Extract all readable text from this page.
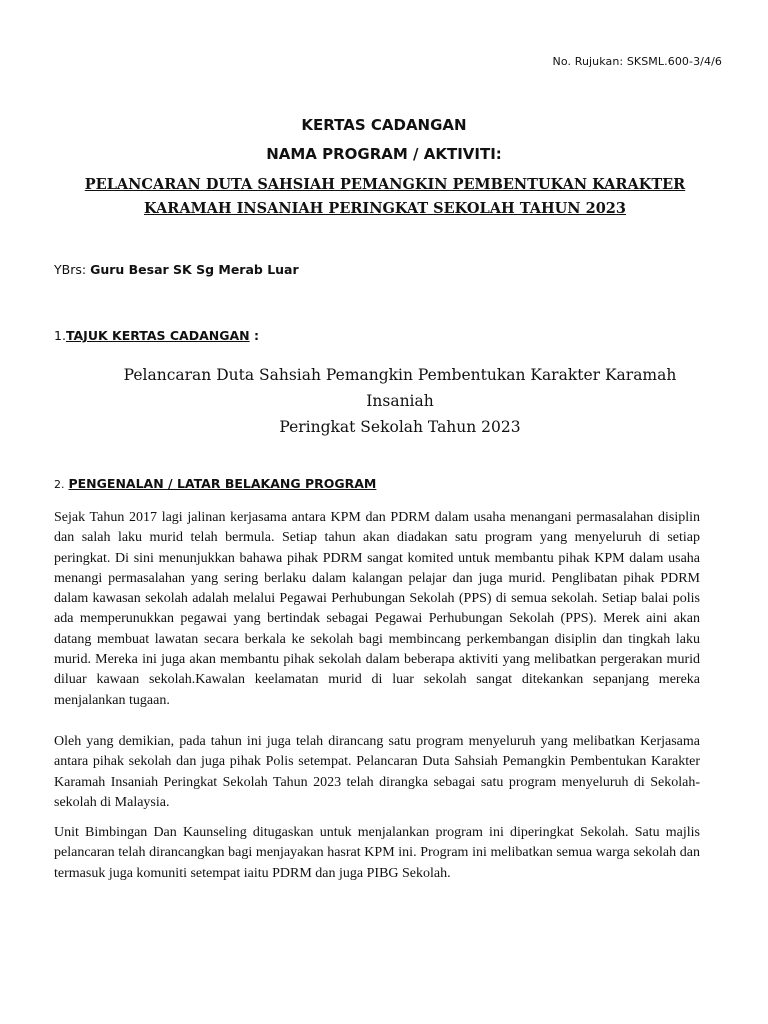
No. Rujukan: SKSML.600-3/4/6
KERTAS CADANGAN
NAMA PROGRAM / AKTIVITI:
PELANCARAN DUTA SAHSIAH PEMANGKIN PEMBENTUKAN KARAKTER
KARAMAH INSANIAH PERINGKAT SEKOLAH TAHUN 2023
YBrs: Guru Besar SK Sg Merab Luar
1.TAJUK KERTAS CADANGAN :
Pelancaran Duta Sahsiah Pemangkin Pembentukan Karakter Karamah Insaniah
Peringkat Sekolah Tahun 2023
2. PENGENALAN / LATAR BELAKANG PROGRAM

Sejak Tahun 2017 lagi jalinan kerjasama antara KPM dan PDRM dalam usaha menangani permasalahan disiplin dan salah laku murid telah bermula. Setiap tahun akan diadakan satu program yang menyeluruh di setiap peringkat. Di sini menunjukkan bahawa pihak PDRM sangat komited untuk membantu pihak KPM dalam usaha menangi permasalahan yang sering berlaku dalam kalangan pelajar dan juga murid. Penglibatan pihak PDRM dalam kawasan sekolah adalah melalui Pegawai Perhubungan Sekolah (PPS) di semua sekolah. Setiap balai polis ada memperunukkan pegawai yang bertindak sebagai Pegawai Perhubungan Sekolah (PPS). Merek aini akan datang membuat lawatan secara berkala ke sekolah bagi membincang perkembangan disiplin dan tingkah laku murid. Mereka ini juga akan membantu pihak sekolah dalam beberapa aktiviti yang melibatkan pergerakan murid diluar kawaan sekolah.Kawalan keelamatan murid di luar sekolah sangat ditekankan sepanjang mereka menjalankan tugaan.

Oleh yang demikian, pada tahun ini juga telah dirancang satu program menyeluruh yang melibatkan Kerjasama antara pihak sekolah dan juga pihak Polis setempat. Pelancaran Duta Sahsiah Pemangkin Pembentukan Karakter Karamah Insaniah Peringkat Sekolah Tahun 2023 telah dirangka sebagai satu program menyeluruh di Sekolah-sekolah di Malaysia.

Unit Bimbingan Dan Kaunseling ditugaskan untuk menjalankan program ini diperingkat Sekolah. Satu majlis pelancaran telah dirancangkan bagi menjayakan hasrat KPM ini. Program ini melibatkan semua warga sekolah dan termasuk juga komuniti setempat iaitu PDRM dan juga PIBG Sekolah.
